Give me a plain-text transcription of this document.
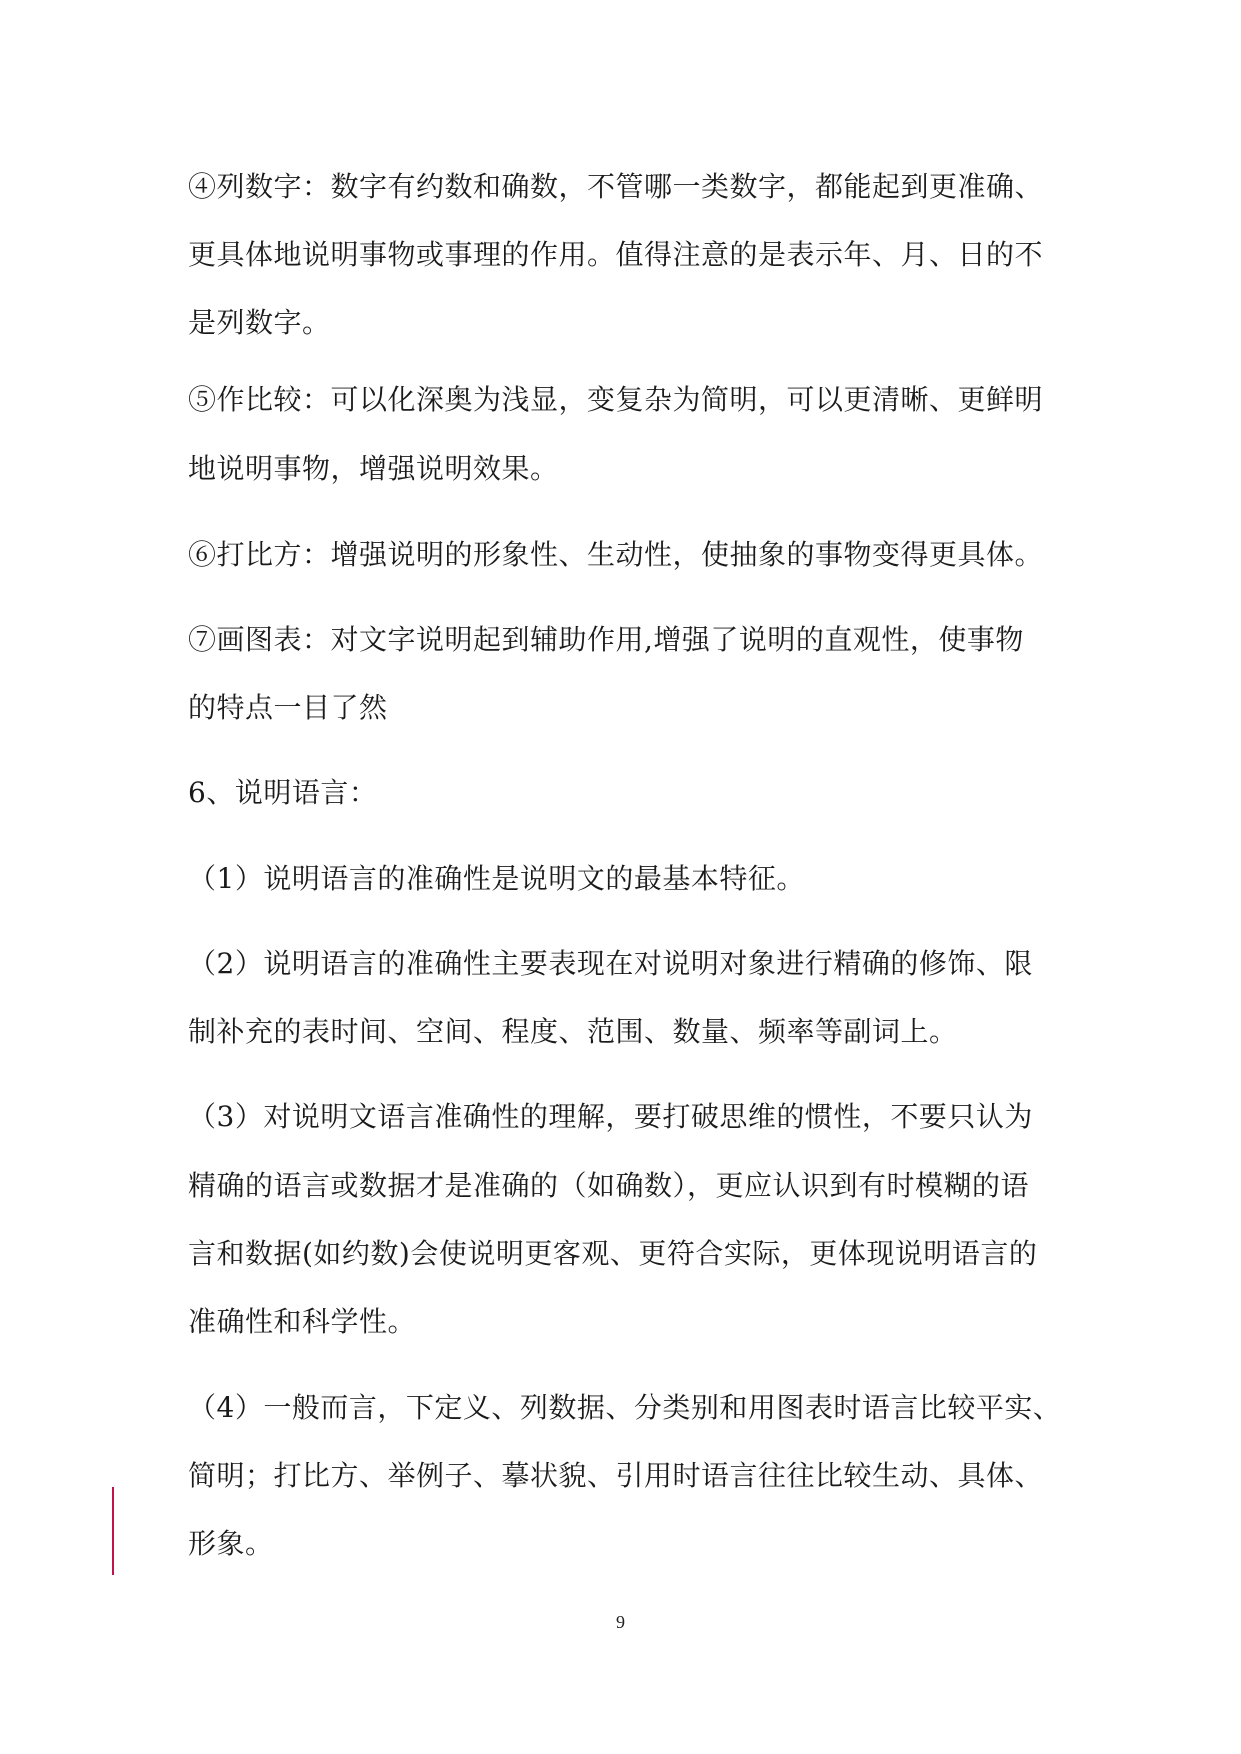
④列数字：数字有约数和确数，不管哪一类数字，都能起到更准确、
更具体地说明事物或事理的作用。值得注意的是表示年、月、日的不
是列数字。
⑤作比较：可以化深奥为浅显，变复杂为简明，可以更清晰、更鲜明
地说明事物，增强说明效果。
⑥打比方：增强说明的形象性、生动性，使抽象的事物变得更具体。
⑦画图表：对文字说明起到辅助作用,增强了说明的直观性，使事物
的特点一目了然
6、说明语言：
（1）说明语言的准确性是说明文的最基本特征。
（2）说明语言的准确性主要表现在对说明对象进行精确的修饰、限
制补充的表时间、空间、程度、范围、数量、频率等副词上。
（3）对说明文语言准确性的理解，要打破思维的惯性，不要只认为
精确的语言或数据才是准确的（如确数），更应认识到有时模糊的语
言和数据(如约数)会使说明更客观、更符合实际，更体现说明语言的
准确性和科学性。
（4）一般而言，下定义、列数据、分类别和用图表时语言比较平实、
简明；打比方、举例子、摹状貌、引用时语言往往比较生动、具体、
形象。
9
